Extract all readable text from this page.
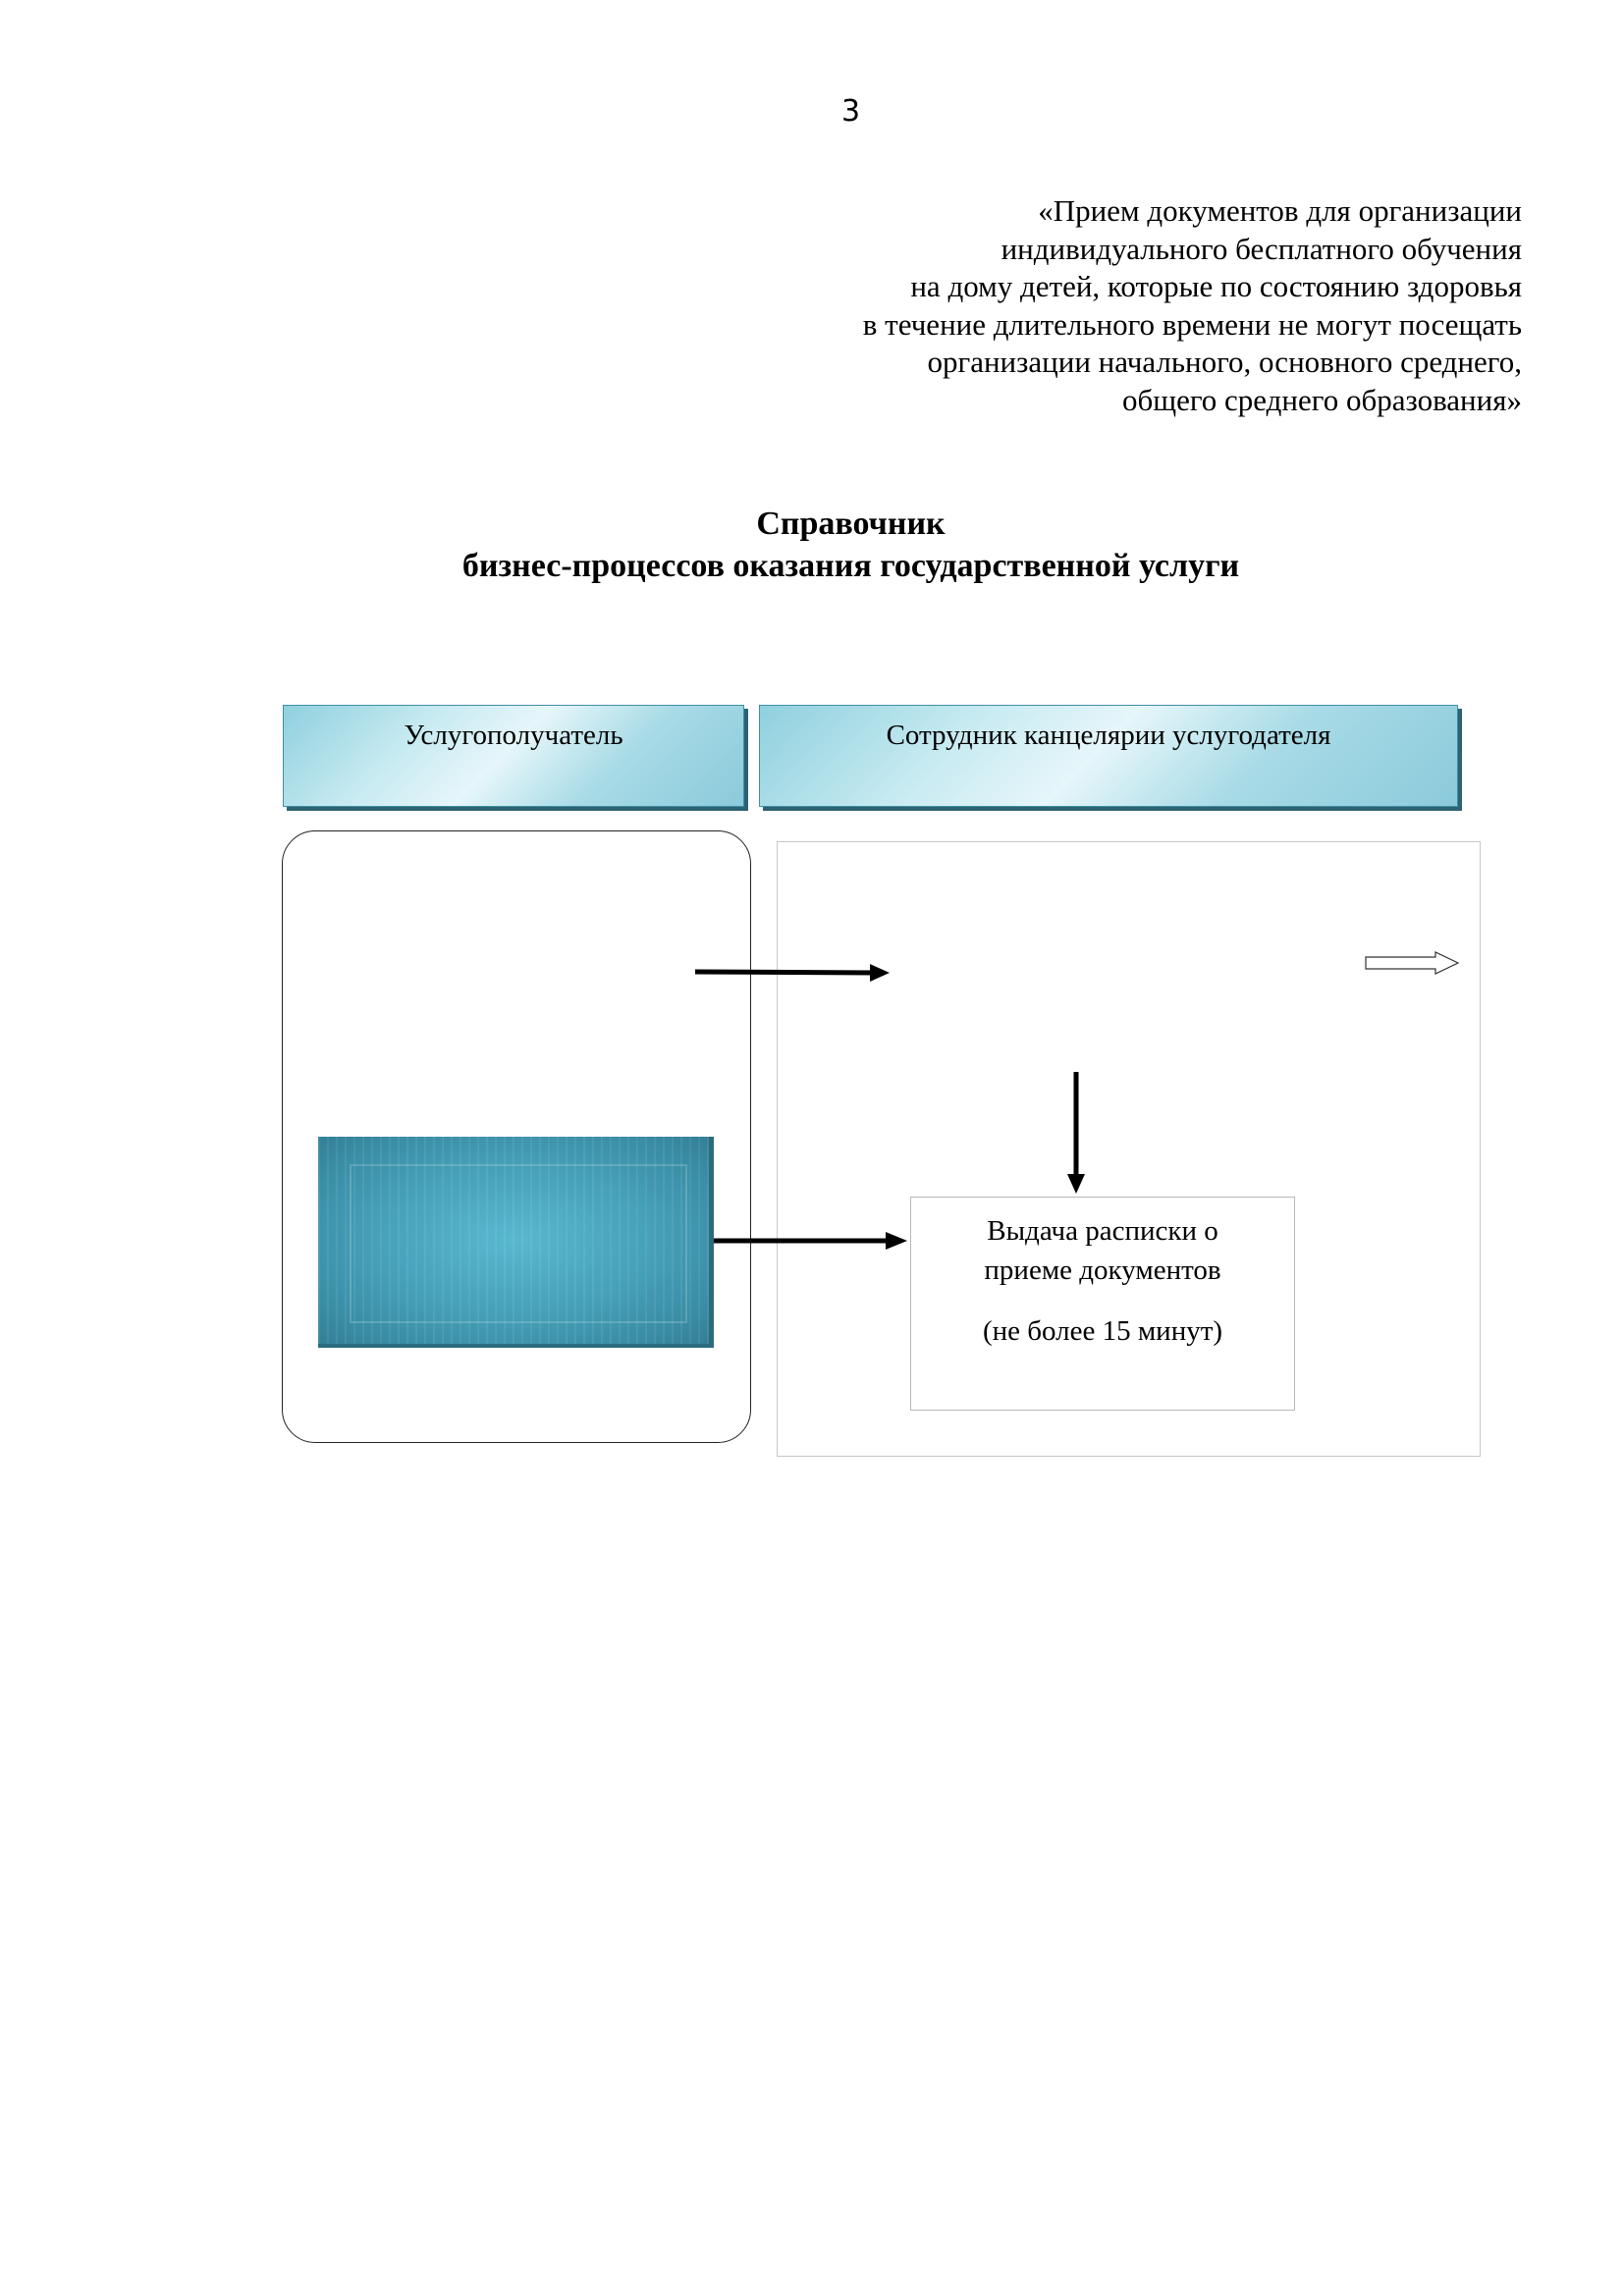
3
«Прием документов для организации
индивидуального бесплатного обучения
на дому детей, которые по состоянию здоровья
в течение длительного времени не могут посещать
организации начального, основного среднего,
общего среднего образования»
Справочник
бизнес-процессов оказания государственной услуги
Услугополучатель	Сотрудник канцелярии услугодателя
Выдача расписки о
приеме документов
(не более 15 минут)
